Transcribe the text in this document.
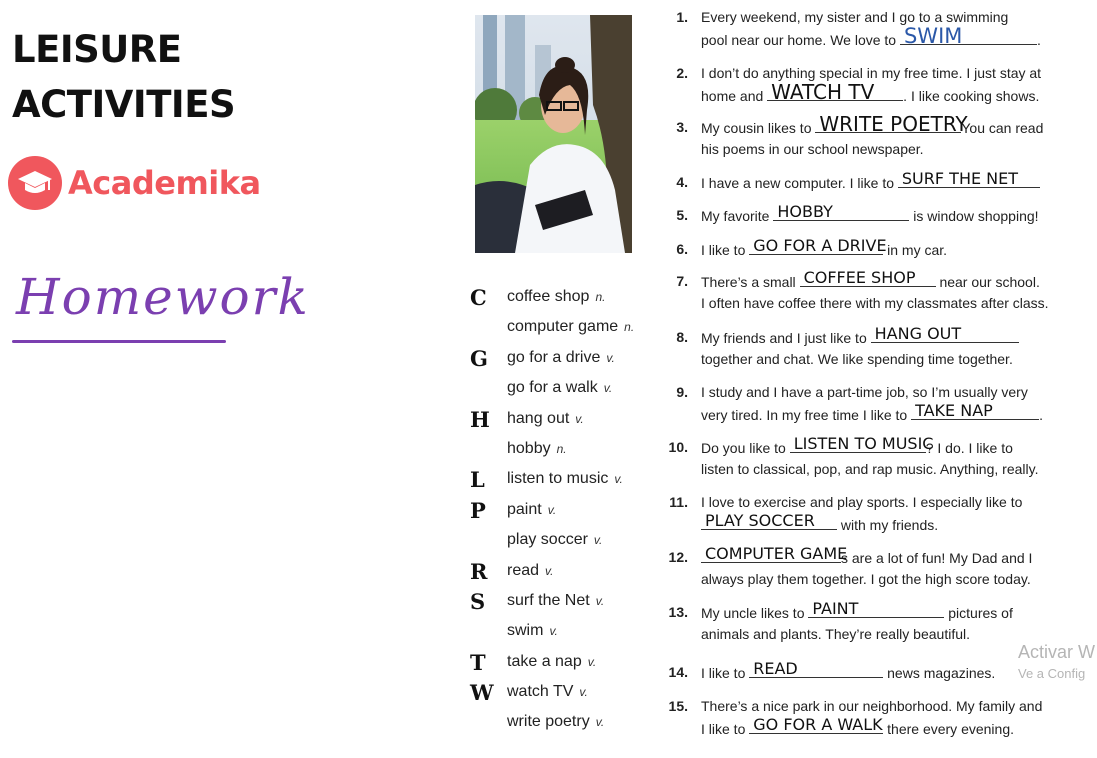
LEISURE
ACTIVITIES
Academika
Homework	C coffee shop n.
computer game n.
G go for a drive v.
go for a walk v.
H hang out v.
hobby n.
L listen to music v.
P paint v.
play soccer v.
R read v.
S surf the Net v.
swim v.
T take a nap v.
W watch TV v.
write poetry v.
1. Every weekend, my sister and I go to a swimming
pool near our home. We love to SWIM	.
2. I don’t do anything special in my free time. I just stay at
home and WATCH TV . I like cooking shows.
3. My cousin likes to WRITE POETRY
You can read
his poems in our school newspaper.
4. I have a new computer. I like to SURF THE NET
5. My favorite HOBBY	is window shopping!
6. I like to GO FOR A DRIVE
in my car.
7. There’s a small COFFEE SHOP near our school.
I often have coffee there with my classmates after class.
8. My friends and I just like to HANG OUT
together and chat. We like spending time together.
9. I study and I have a part-time job, so I’m usually very
very tired. In my free time I like to TAKE NAP	.
10. Do you like to LISTEN TO MUSIC
? I do. I like to
listen to classical, pop, and rap music. Anything, really.
11. I love to exercise and play sports. I especially like to
PLAY SOCCER with my friends.
12. COMPUTER GAME
s are a lot of fun! My Dad and I
always play them together. I got the high score today.
13. My uncle likes to PAINT	pictures of
animals and plants. They’re really beautiful.
14. I like to READ	news magazines.
15. There’s a nice park in our neighborhood. My family and
I like to GO FOR A WALK there every evening.
Activar W
Ve a Config
